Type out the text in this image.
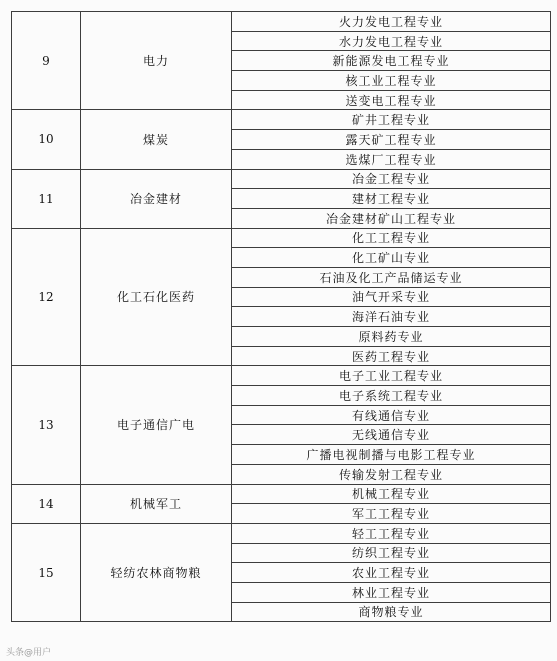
9	电力	火力发电工程专业
		水力发电工程专业
		新能源发电工程专业
		核工业工程专业
		送变电工程专业
10	煤炭	矿井工程专业
		露天矿工程专业
		选煤厂工程专业
11	冶金建材	冶金工程专业
		建材工程专业
		冶金建材矿山工程专业
12	化工石化医药	化工工程专业
		化工矿山专业
		石油及化工产品储运专业
		油气开采专业
		海洋石油专业
		原料药专业
		医药工程专业
13	电子通信广电	电子工业工程专业
		电子系统工程专业
		有线通信专业
		无线通信专业
		广播电视制播与电影工程专业
		传输发射工程专业
14	机械军工	机械工程专业
		军工工程专业
15	轻纺农林商物粮	轻工工程专业
		纺织工程专业
		农业工程专业
		林业工程专业
		商物粮专业
头条@用户
